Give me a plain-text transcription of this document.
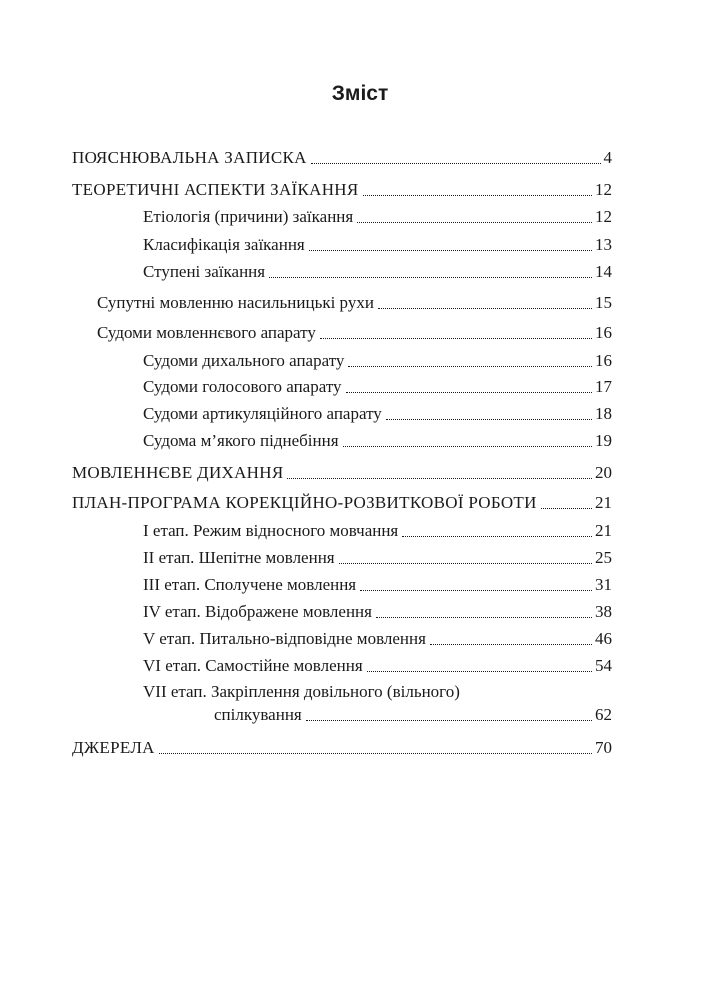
Зміст
ПОЯСНЮВАЛЬНА ЗАПИСКА	4
ТЕОРЕТИЧНІ АСПЕКТИ ЗАЇКАННЯ	12
Етіологія (причини) заїкання	12
Класифікація заїкання	13
Ступені заїкання	14
Супутні мовленню насильницькі рухи	15
Судоми мовленнєвого апарату	16
Судоми дихального апарату	16
Судоми голосового апарату	17
Судоми артикуляційного апарату	18
Судома м’якого піднебіння	19
МОВЛЕННЄВЕ ДИХАННЯ	20
ПЛАН-ПРОГРАМА КОРЕКЦІЙНО-РОЗВИТКОВОЇ РОБОТИ	21
І етап. Режим відносного мовчання	21
ІІ етап. Шепітне мовлення	25
ІІІ етап. Сполучене мовлення	31
IV етап. Відображене мовлення	38
V етап. Питально-відповідне мовлення	46
VI етап. Самостійне мовлення	54
VII етап. Закріплення довільного (вільного)
спілкування	62
ДЖЕРЕЛА	70
